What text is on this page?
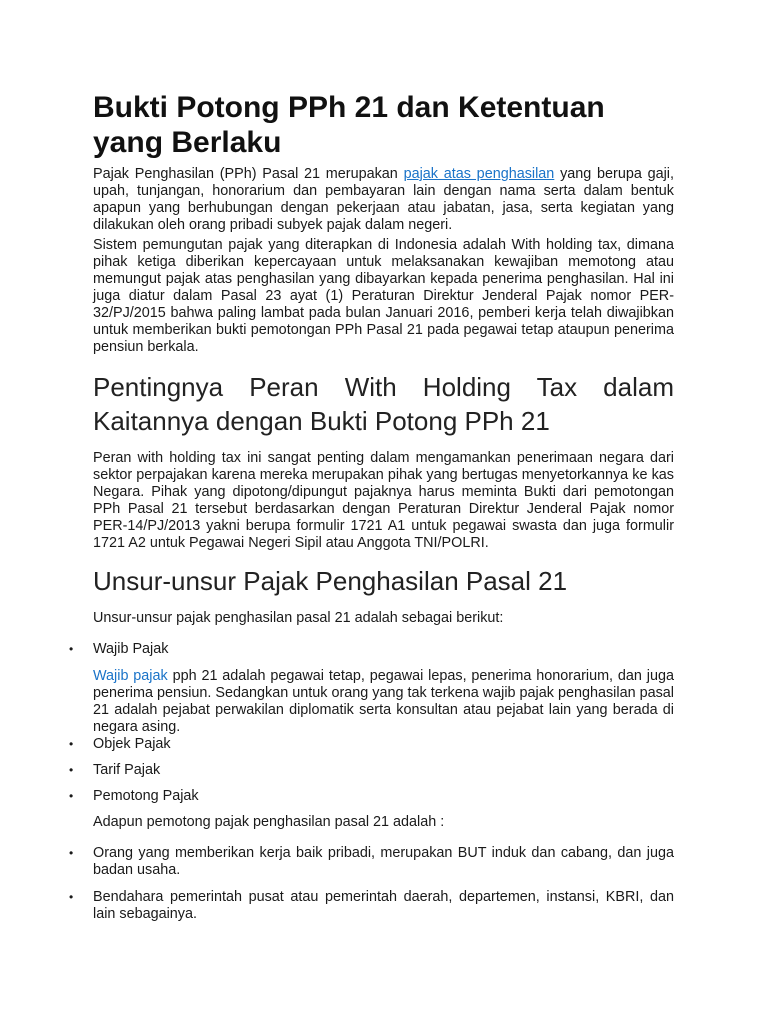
Bukti Potong PPh 21 dan Ketentuan yang Berlaku

Pajak Penghasilan (PPh) Pasal 21 merupakan pajak atas penghasilan yang berupa gaji, upah, tunjangan, honorarium dan pembayaran lain dengan nama serta dalam bentuk apapun yang berhubungan dengan pekerjaan atau jabatan, jasa, serta kegiatan yang dilakukan oleh orang pribadi subyek pajak dalam negeri.

Sistem pemungutan pajak yang diterapkan di Indonesia adalah With holding tax, dimana pihak ketiga diberikan kepercayaan untuk melaksanakan kewajiban memotong atau memungut pajak atas penghasilan yang dibayarkan kepada penerima penghasilan. Hal ini juga diatur dalam Pasal 23 ayat (1) Peraturan Direktur Jenderal Pajak nomor PER-32/PJ/2015 bahwa paling lambat pada bulan Januari 2016, pemberi kerja telah diwajibkan untuk memberikan bukti pemotongan PPh Pasal 21 pada pegawai tetap ataupun penerima pensiun berkala.

Pentingnya Peran With Holding Tax dalam Kaitannya dengan Bukti Potong PPh 21

Peran with holding tax ini sangat penting dalam mengamankan penerimaan negara dari sektor perpajakan karena mereka merupakan pihak yang bertugas menyetorkannya ke kas Negara. Pihak yang dipotong/dipungut pajaknya harus meminta Bukti dari pemotongan PPh Pasal 21 tersebut berdasarkan dengan Peraturan Direktur Jenderal Pajak nomor PER-14/PJ/2013 yakni berupa formulir 1721 A1 untuk pegawai swasta dan juga formulir 1721 A2 untuk Pegawai Negeri Sipil atau Anggota TNI/POLRI.

Unsur-unsur Pajak Penghasilan Pasal 21

Unsur-unsur pajak penghasilan pasal 21 adalah sebagai berikut:

• Wajib Pajak

Wajib pajak pph 21 adalah pegawai tetap, pegawai lepas, penerima honorarium, dan juga penerima pensiun. Sedangkan untuk orang yang tak terkena wajib pajak penghasilan pasal 21 adalah pejabat perwakilan diplomatik serta konsultan atau pejabat lain yang berada di negara asing.

• Objek Pajak
• Tarif Pajak
• Pemotong Pajak

Adapun pemotong pajak penghasilan pasal 21 adalah :

• Orang yang memberikan kerja baik pribadi, merupakan BUT induk dan cabang, dan juga badan usaha.
• Bendahara pemerintah pusat atau pemerintah daerah, departemen, instansi, KBRI, dan lain sebagainya.
